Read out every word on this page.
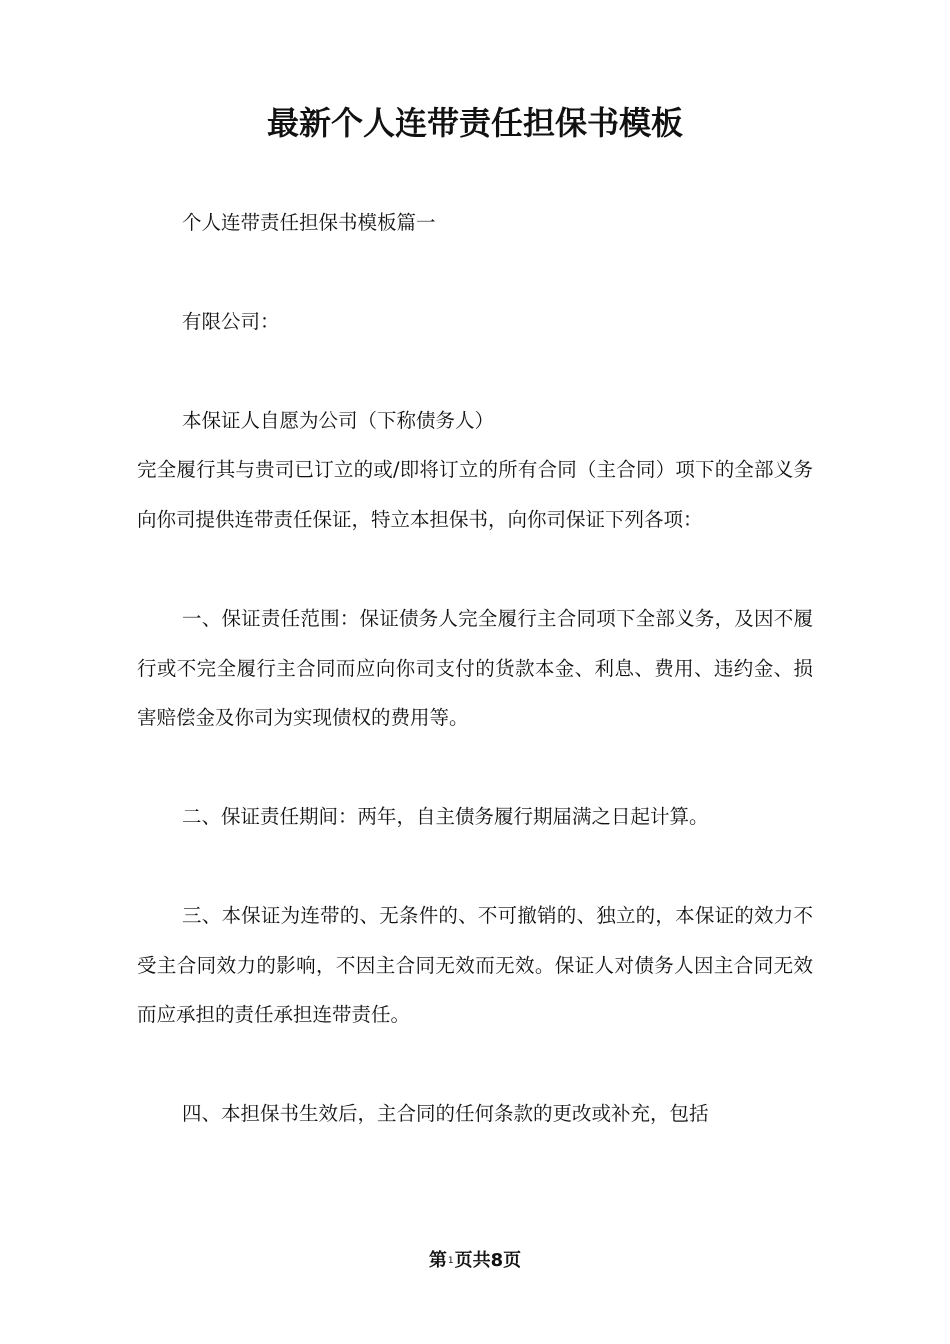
最新个人连带责任担保书模板

个人连带责任担保书模板篇一

有限公司：

本保证人自愿为公司（下称债务人）

完全履行其与贵司已订立的或/即将订立的所有合同（主合同）项下的全部义务向你司提供连带责任保证，特立本担保书，向你司保证下列各项：

一、保证责任范围：保证债务人完全履行主合同项下全部义务，及因不履行或不完全履行主合同而应向你司支付的货款本金、利息、费用、违约金、损害赔偿金及你司为实现债权的费用等。

二、保证责任期间：两年，自主债务履行期届满之日起计算。

三、本保证为连带的、无条件的、不可撤销的、独立的，本保证的效力不受主合同效力的影响，不因主合同无效而无效。保证人对债务人因主合同无效而应承担的责任承担连带责任。

四、本担保书生效后，主合同的任何条款的更改或补充，包括

第1页共8页
